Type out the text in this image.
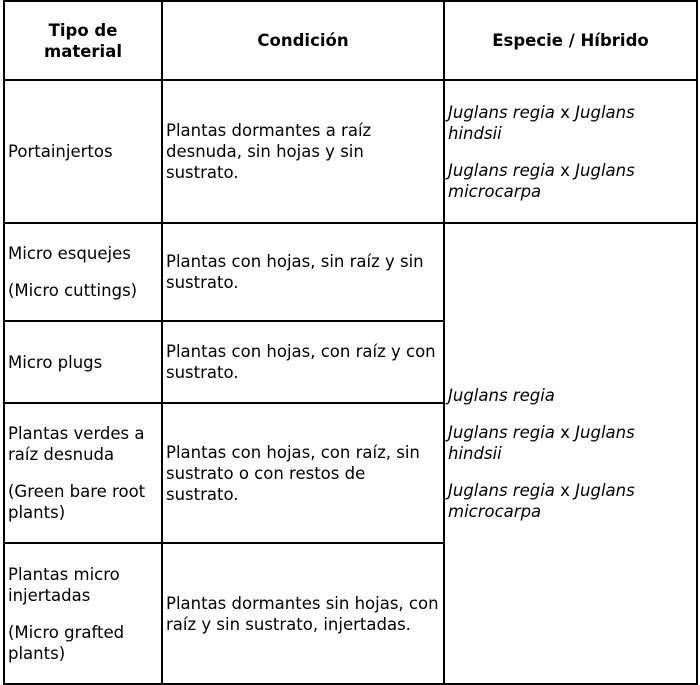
Tipo de material	Condición	Especie / Híbrido

Portainjertos	Plantas dormantes a raíz desnuda, sin hojas y sin sustrato.	Juglans regia x Juglans hindsii
Juglans regia x Juglans microcarpa

Micro esquejes
(Micro cuttings)	Plantas con hojas, sin raíz y sin sustrato.	Juglans regia
Juglans regia x Juglans hindsii
Juglans regia x Juglans microcarpa

Micro plugs	Plantas con hojas, con raíz y con sustrato.	

Plantas verdes a raíz desnuda
(Green bare root plants)	Plantas con hojas, con raíz, sin sustrato o con restos de sustrato.	

Plantas micro injertadas
(Micro grafted plants)	Plantas dormantes sin hojas, con raíz y sin sustrato, injertadas.	
